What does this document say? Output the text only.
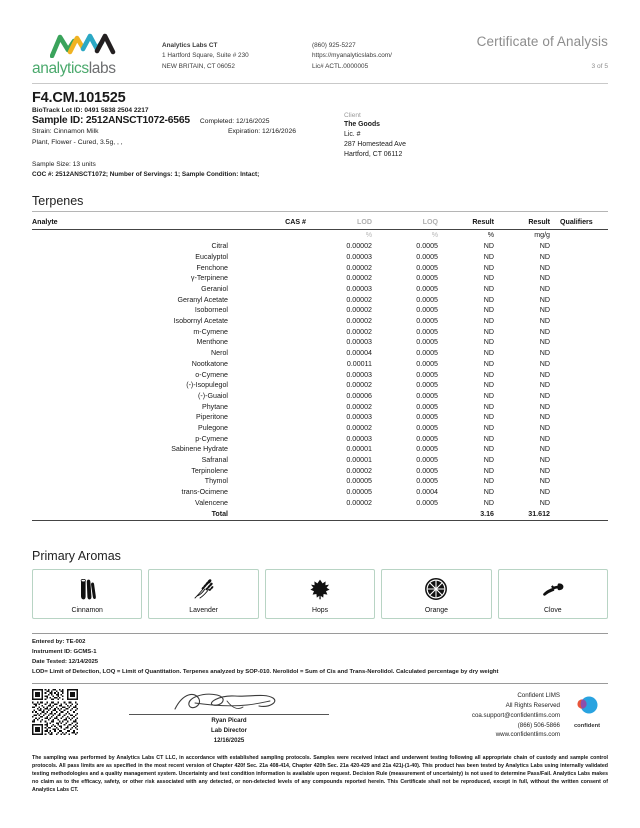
analyticslabs
Analytics Labs CT
1 Hartford Square, Suite # 230
NEW BRITAIN, CT 06052
(860) 925-5227
https://myanalyticslabs.com/
Lic# ACTL.0000005
Certificate of Analysis
3 of 5
F4.CM.101525
BioTrack Lot ID: 0491 5838 2504 2217
Sample ID: 2512ANSCT1072-6565 Completed: 12/16/2025
Strain: Cinnamon Milk	Expiration: 12/16/2026
Plant, Flower - Cured, 3.5g, , ,
Sample Size: 13 units
COC #: 2512ANSCT1072; Number of Servings: 1; Sample Condition: Intact;
Client
The Goods
Lic. #
287 Homestead Ave
Hartford, CT 06112
Terpenes
Analyte	CAS #	LOD	LOQ	Result	Result	Qualifiers
		%	%	%	mg/g	
Citral		0.00002	0.0005	ND	ND	
Eucalyptol		0.00003	0.0005	ND	ND	
Fenchone		0.00002	0.0005	ND	ND	
γ-Terpinene		0.00002	0.0005	ND	ND	
Geraniol		0.00003	0.0005	ND	ND	
Geranyl Acetate		0.00002	0.0005	ND	ND	
Isoborneol		0.00002	0.0005	ND	ND	
Isobornyl Acetate		0.00002	0.0005	ND	ND	
m-Cymene		0.00002	0.0005	ND	ND	
Menthone		0.00003	0.0005	ND	ND	
Nerol		0.00004	0.0005	ND	ND	
Nootkatone		0.00011	0.0005	ND	ND	
o-Cymene		0.00003	0.0005	ND	ND	
(-)-Isopulegol		0.00002	0.0005	ND	ND	
(-)-Guaiol		0.00006	0.0005	ND	ND	
Phytane		0.00002	0.0005	ND	ND	
Piperitone		0.00003	0.0005	ND	ND	
Pulegone		0.00002	0.0005	ND	ND	
p-Cymene		0.00003	0.0005	ND	ND	
Sabinene Hydrate		0.00001	0.0005	ND	ND	
Safranal		0.00001	0.0005	ND	ND	
Terpinolene		0.00002	0.0005	ND	ND	
Thymol		0.00005	0.0005	ND	ND	
trans-Ocimene		0.00005	0.0004	ND	ND	
Valencene		0.00002	0.0005	ND	ND	
Total				3.16	31.612	
Primary Aromas
Cinnamon	Lavender	Hops	Orange	Clove
Entered by: TE-002
Instrument ID: GCMS-1
Date Tested: 12/14/2025
LOD= Limit of Detection, LOQ = Limit of Quantitation. Terpenes analyzed by SOP-010. Nerolidol = Sum of Cis and Trans-Nerolidol. Calculated percentage by dry weight
Ryan Picard
Lab Director
12/16/2025
Confident LIMS
All Rights Reserved
coa.support@confidentlims.com
(866) 506-5866
www.confidentlims.com
confident
The sampling was performed by Analytics Labs CT LLC, in accordance with established sampling protocols. Samples were received intact and underwent testing following all appropriate chain of custody and sample control protocols. All pass limits are as specified in the most recent version of Chapter 420f Sec. 21a 408-414, Chapter 420h Sec. 21a 420-429 and 21a 421j-(1-40). This product has been tested by Analytics Labs using internally validated testing methodologies and a quality management system. Uncertainty and test condition information is available upon request. Decision Rule (measurement of uncertainty) is not used to determine Pass/Fail. Analytics Labs makes no claim as to the efficacy, safety, or other risk associated with any detected, or non-detected levels of any compounds reported herein. This Certificate shall not be reproduced, except in full, without the written consent of Analytics Labs CT.
